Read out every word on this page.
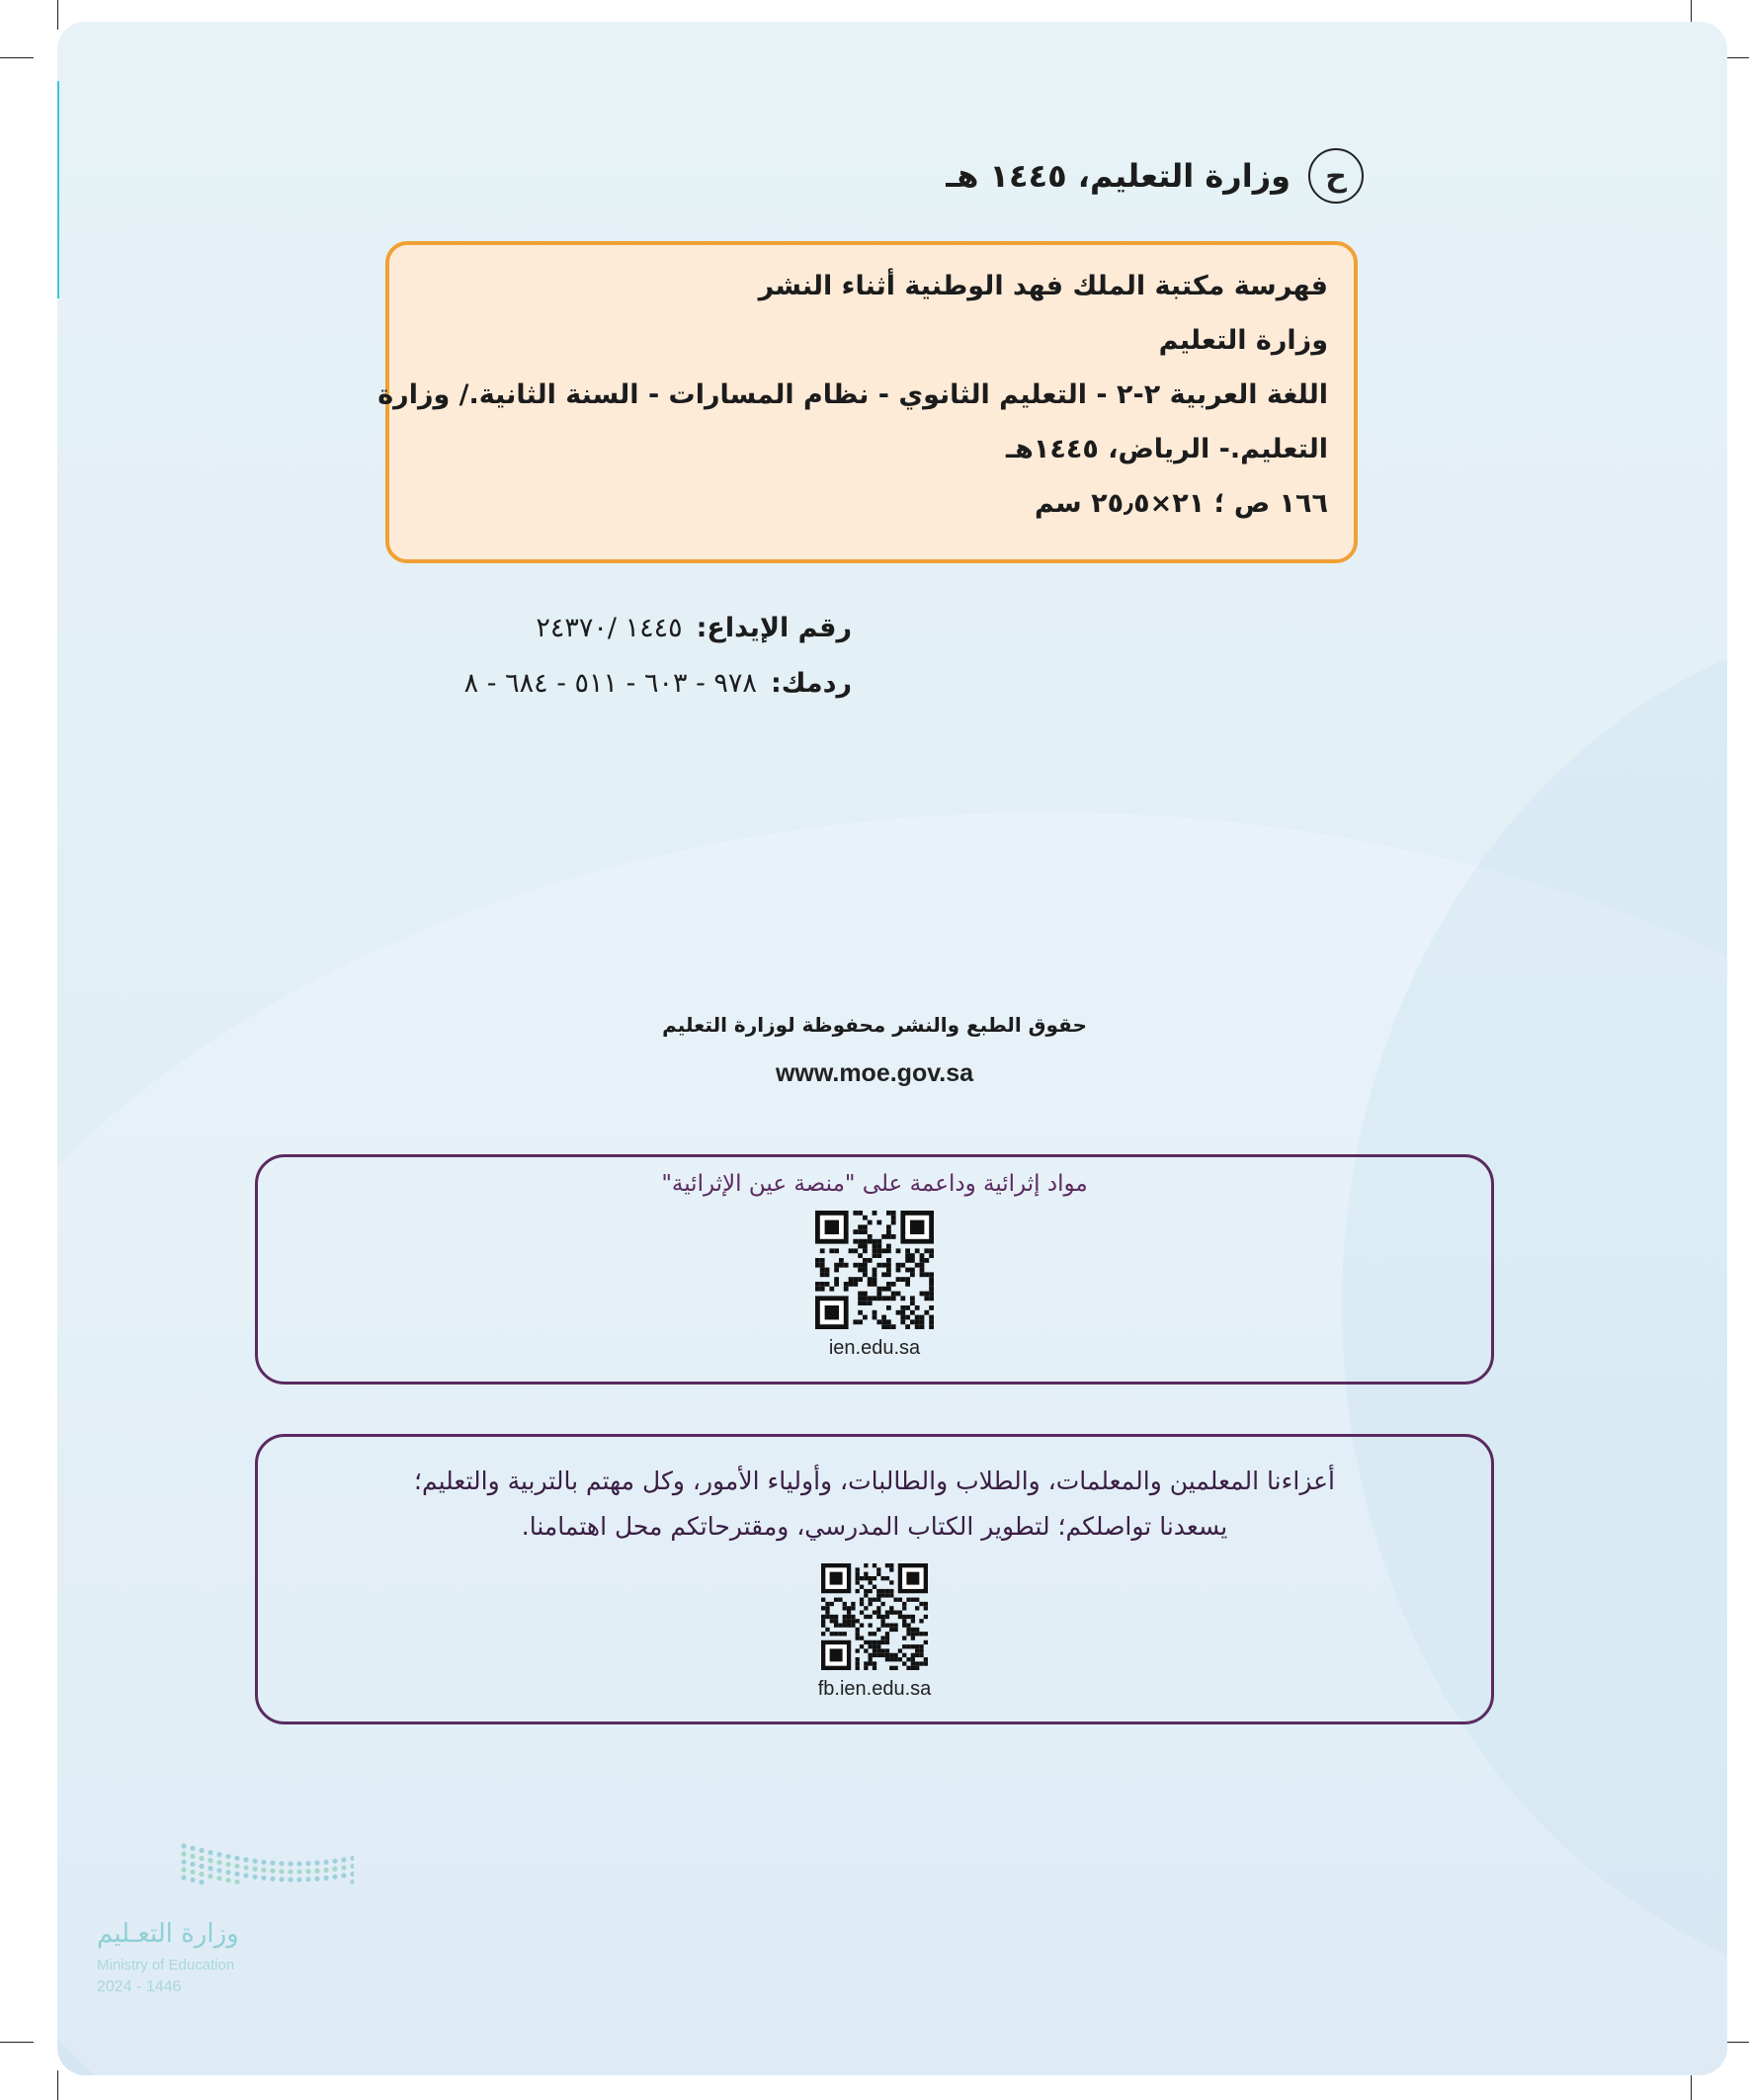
ح
وزارة التعليم، ١٤٤٥ هـ
فهرسة مكتبة الملك فهد الوطنية أثناء النشر
وزارة التعليم
اللغة العربية ٢-٢ - التعليم الثانوي - نظام المسارات - السنة الثانية./ وزارة
التعليم.- الرياض، ١٤٤٥هـ
١٦٦ ص ؛ ٢١×٢٥٫٥ سم
رقم الإيداع:١٤٤٥ /٢٤٣٧٠
ردمك:٩٧٨ - ٦٠٣ - ٥١١ - ٦٨٤ - ٨
حقوق الطبع والنشر محفوظة لوزارة التعليم
www.moe.gov.sa
مواد إثرائية وداعمة على "منصة عين الإثرائية"
ien.edu.sa
أعزاءنا المعلمين والمعلمات، والطلاب والطالبات، وأولياء الأمور، وكل مهتم بالتربية والتعليم؛
يسعدنا تواصلكم؛ لتطوير الكتاب المدرسي، ومقترحاتكم محل اهتمامنا.
fb.ien.edu.sa
وزارة التعـليم
Ministry of Education
2024 - 1446
